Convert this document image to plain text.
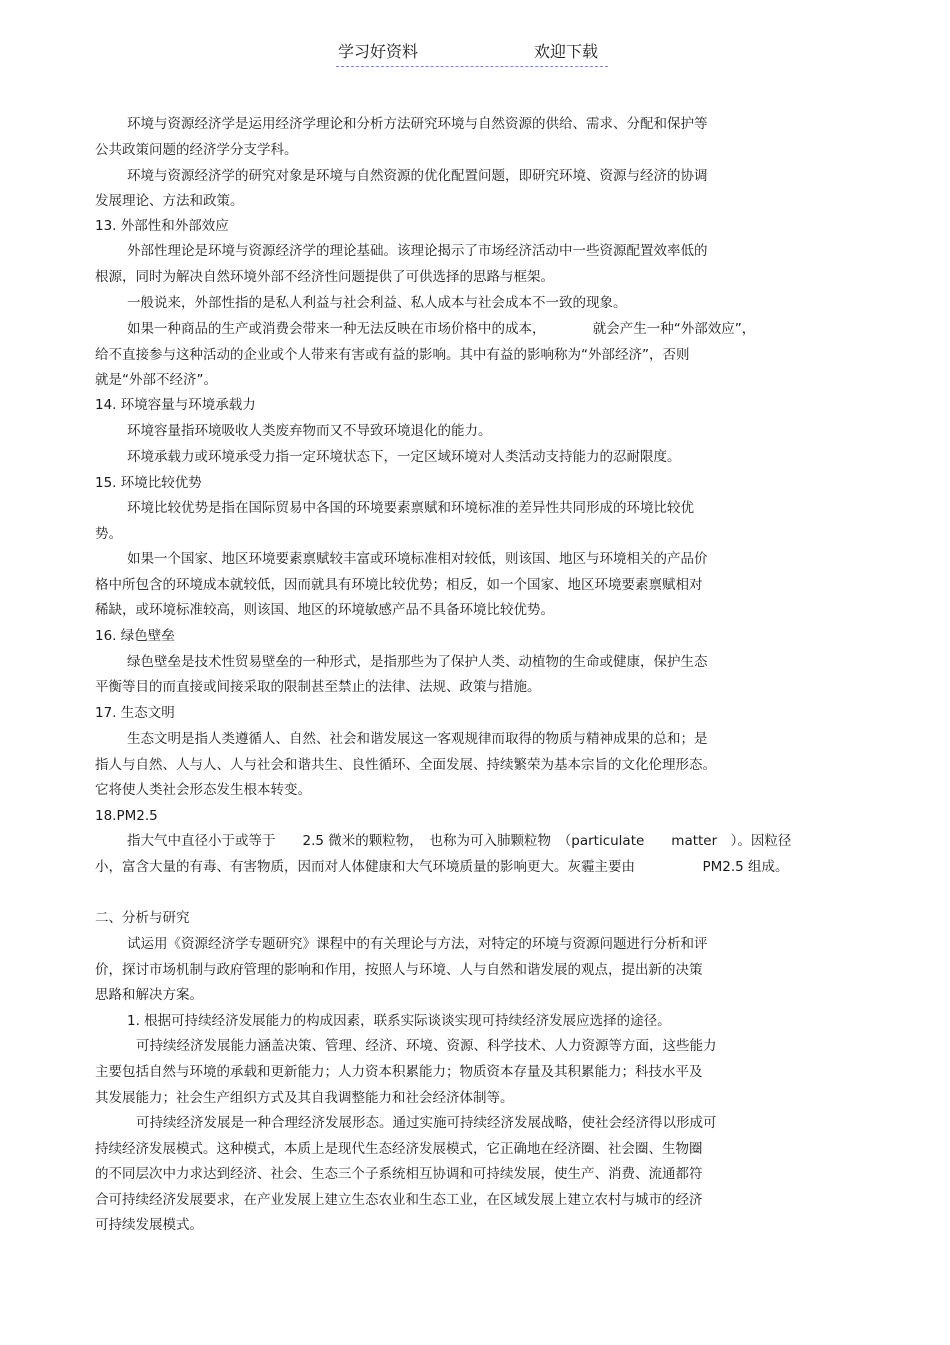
学习好资料	欢迎下载

环境与资源经济学是运用经济学理论和分析方法研究环境与自然资源的供给、需求、分配和保护等

公共政策问题的经济学分支学科。

环境与资源经济学的研究对象是环境与自然资源的优化配置问题，即研究环境、资源与经济的协调

发展理论、方法和政策。

13. 外部性和外部效应

外部性理论是环境与资源经济学的理论基础。该理论揭示了市场经济活动中一些资源配置效率低的

根源，同时为解决自然环境外部不经济性问题提供了可供选择的思路与框架。

一般说来，外部性指的是私人利益与社会利益、私人成本与社会成本不一致的现象。

如果一种商品的生产或消费会带来一种无法反映在市场价格中的成本，　　　　就会产生一种“外部效应”，

给不直接参与这种活动的企业或个人带来有害或有益的影响。其中有益的影响称为“外部经济”，否则

就是“外部不经济”。

14. 环境容量与环境承载力

环境容量指环境吸收人类废弃物而又不导致环境退化的能力。

环境承载力或环境承受力指一定环境状态下，一定区域环境对人类活动支持能力的忍耐限度。

15. 环境比较优势

环境比较优势是指在国际贸易中各国的环境要素禀赋和环境标准的差异性共同形成的环境比较优

势。

如果一个国家、地区环境要素禀赋较丰富或环境标准相对较低，则该国、地区与环境相关的产品价

格中所包含的环境成本就较低，因而就具有环境比较优势；相反，如一个国家、地区环境要素禀赋相对

稀缺，或环境标准较高，则该国、地区的环境敏感产品不具备环境比较优势。

16. 绿色壁垒

绿色壁垒是技术性贸易壁垒的一种形式，是指那些为了保护人类、动植物的生命或健康，保护生态

平衡等目的而直接或间接采取的限制甚至禁止的法律、法规、政策与措施。

17. 生态文明

生态文明是指人类遵循人、自然、社会和谐发展这一客观规律而取得的物质与精神成果的总和；是

指人与自然、人与人、人与社会和谐共生、良性循环、全面发展、持续繁荣为基本宗旨的文化伦理形态。

它将使人类社会形态发生根本转变。

18.PM2.5

指大气中直径小于或等于　　2.5 微米的颗粒物，　也称为可入肺颗粒物　（particulate　　matter　）。因粒径

小，富含大量的有毒、有害物质，因而对人体健康和大气环境质量的影响更大。灰霾主要由　　　　　PM2.5 组成。

二、分析与研究

试运用《资源经济学专题研究》课程中的有关理论与方法，对特定的环境与资源问题进行分析和评

价，探讨市场机制与政府管理的影响和作用，按照人与环境、人与自然和谐发展的观点，提出新的决策

思路和解决方案。

1. 根据可持续经济发展能力的构成因素，联系实际谈谈实现可持续经济发展应选择的途径。

可持续经济发展能力涵盖决策、管理、经济、环境、资源、科学技术、人力资源等方面，这些能力

主要包括自然与环境的承载和更新能力；人力资本积累能力；物质资本存量及其积累能力；科技水平及

其发展能力；社会生产组织方式及其自我调整能力和社会经济体制等。

可持续经济发展是一种合理经济发展形态。通过实施可持续经济发展战略，使社会经济得以形成可

持续经济发展模式。这种模式，本质上是现代生态经济发展模式，它正确地在经济圈、社会圈、生物圈

的不同层次中力求达到经济、社会、生态三个子系统相互协调和可持续发展，使生产、消费、流通都符

合可持续经济发展要求，在产业发展上建立生态农业和生态工业，在区域发展上建立农村与城市的经济

可持续发展模式。
